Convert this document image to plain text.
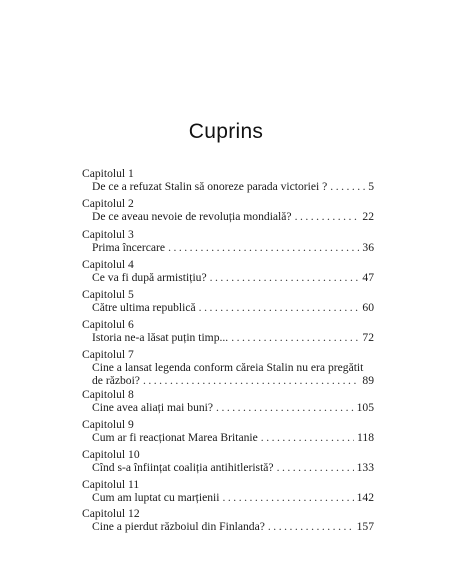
Cuprins
Capitolul 1
De ce a refuzat Stalin să onoreze parada victoriei ? . . .	5
Capitolul 2
De ce aveau nevoie de revoluția mondială? . . .	22
Capitolul 3
Prima încercare . . .	36
Capitolul 4
Ce va fi după armistițiu? . . .	47
Capitolul 5
Către ultima republică . . .	60
Capitolul 6
Istoria ne-a lăsat puțin timp... . . .	72
Capitolul 7
Cine a lansat legenda conform căreia Stalin nu era pregătit
de război? . . .	89
Capitolul 8
Cine avea aliați mai buni? . . .	105
Capitolul 9
Cum ar fi reacționat Marea Britanie . . .	118
Capitolul 10
Cînd s-a înființat coaliția antihitleristă? . . .	133
Capitolul 11
Cum am luptat cu marțienii . . .	142
Capitolul 12
Cine a pierdut războiul din Finlanda? . . .	157
